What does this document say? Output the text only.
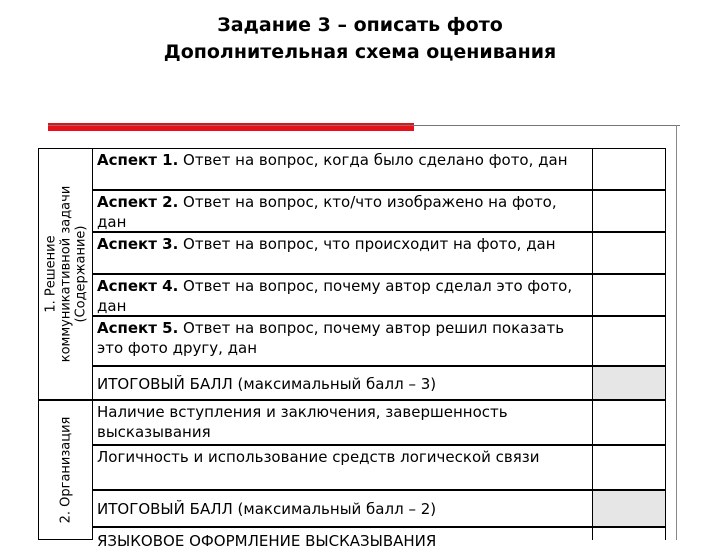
Задание 3 – описать фото
Дополнительная схема оценивания
1. Решение коммуникативной задачи (Содержание)
2. Организация
Аспект 1. Ответ на вопрос, когда было сделано фото, дан
Аспект 2. Ответ на вопрос, кто/что изображено на фото, дан
Аспект 3. Ответ на вопрос, что происходит на фото, дан
Аспект 4. Ответ на вопрос, почему автор сделал это фото, дан
Аспект 5. Ответ на вопрос, почему автор решил показать это фото другу, дан
ИТОГОВЫЙ БАЛЛ (максимальный балл – 3)
Наличие вступления и заключения, завершенность высказывания
Логичность и использование средств логической связи
ИТОГОВЫЙ БАЛЛ (максимальный балл – 2)
ЯЗЫКОВОЕ ОФОРМЛЕНИЕ ВЫСКАЗЫВАНИЯ
